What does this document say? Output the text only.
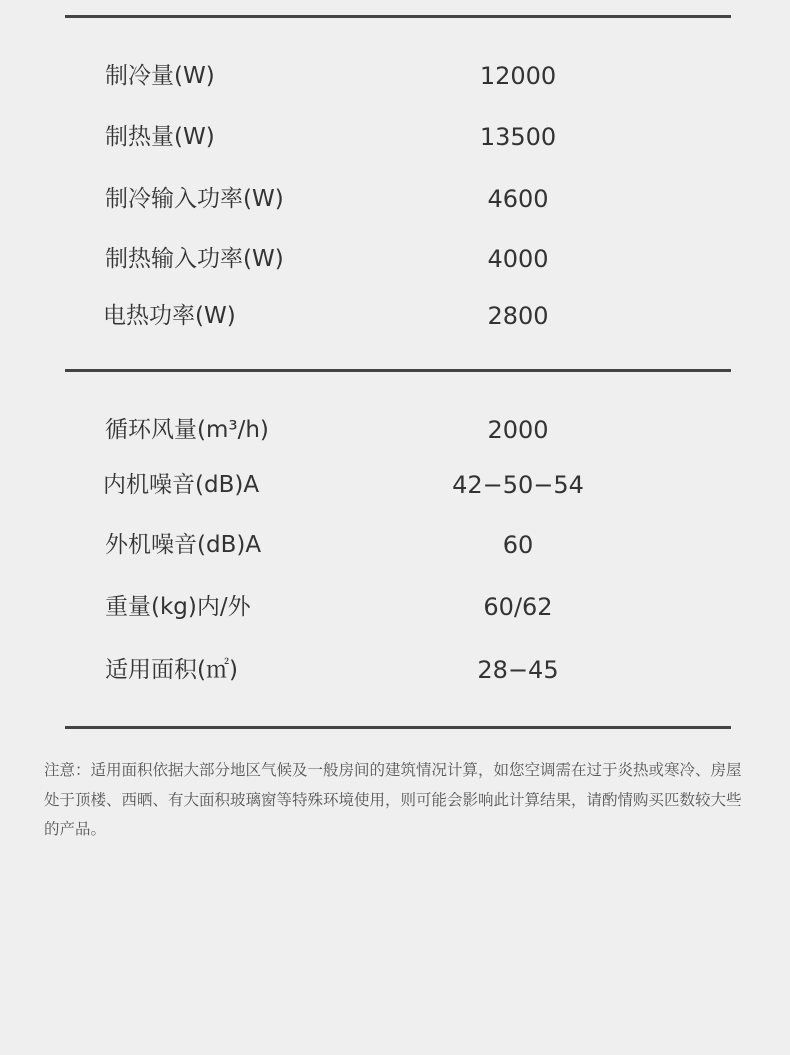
制冷量(W)	12000
制热量(W)	13500
制冷输入功率(W)	4600
制热输入功率(W)	4000
电热功率(W)	2800
循环风量(m³/h)	2000
内机噪音(dB)A	42−50−54
外机噪音(dB)A	60
重量(kg)内/外	60/62
适用面积(㎡)	28−45

注意：适用面积依据大部分地区气候及一般房间的建筑情况计算，如您空调需在过于炎热或寒冷、房屋处于顶楼、西晒、有大面积玻璃窗等特殊环境使用，则可能会影响此计算结果，请酌情购买匹数较大些的产品。
